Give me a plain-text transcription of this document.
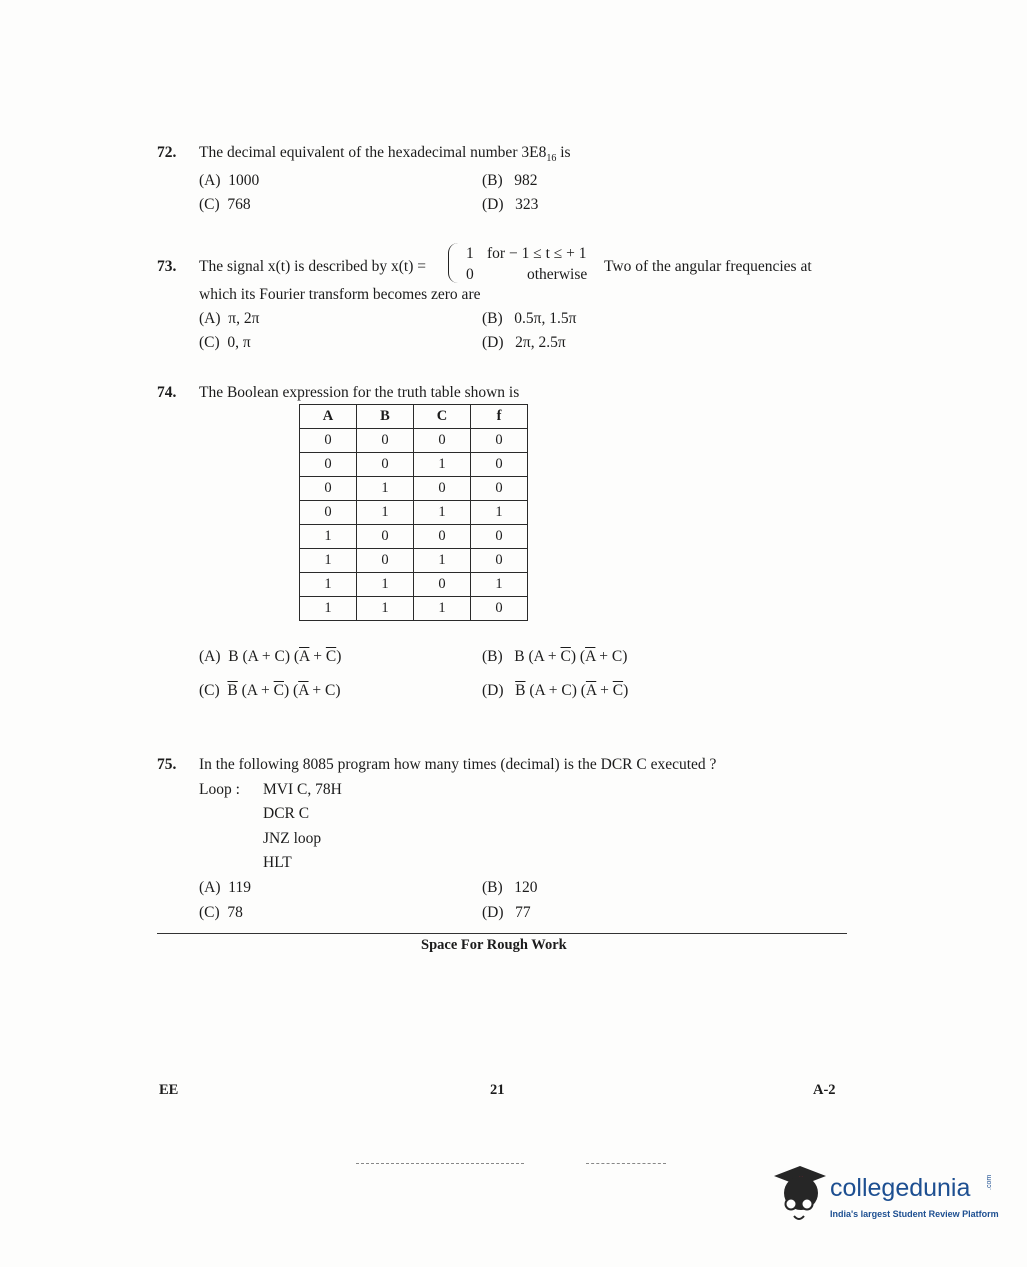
72. The decimal equivalent of the hexadecimal number $3E8_{16}$ is
(A) 1000	(B) 982
(C) 768	(D) 323
73. The signal x(t) is described by x(t) =
1 for − 1 ≤ t ≤ + 1
0	otherwise Two of the angular frequencies at
which its Fourier transform becomes zero are
(A) π, 2π	(B) 0.5π, 1.5π
(C) 0, π	(D) 2π, 2.5π
74. The Boolean expression for the truth table shown is
A	B	C	f
0	0	0	0
0	0	1	0
0	1	0	0
0	1	1	1
1	0	0	0
1	0	1	0
1	1	0	1
1	1	1	0
(A) B (A + C) $(\overline{A} + \overline{C})$	(B) B $(A + \overline{C})$ $(\overline{A} + C)$
(C) $\overline{B}$ $(A + \overline{C})$ $(\overline{A} + C)$	(D) $\overline{B}$ (A + C) $(\overline{A} + \overline{C})$
75. In the following 8085 program how many times (decimal) is the DCR C executed ?
Loop : MVI C, 78H
DCR C
JNZ loop
HLT
(A) 119	(B) 120
(C) 78	(D) 77
Space For Rough Work
EE	21	A-2
collegedunia .com
India's largest Student Review Platform
